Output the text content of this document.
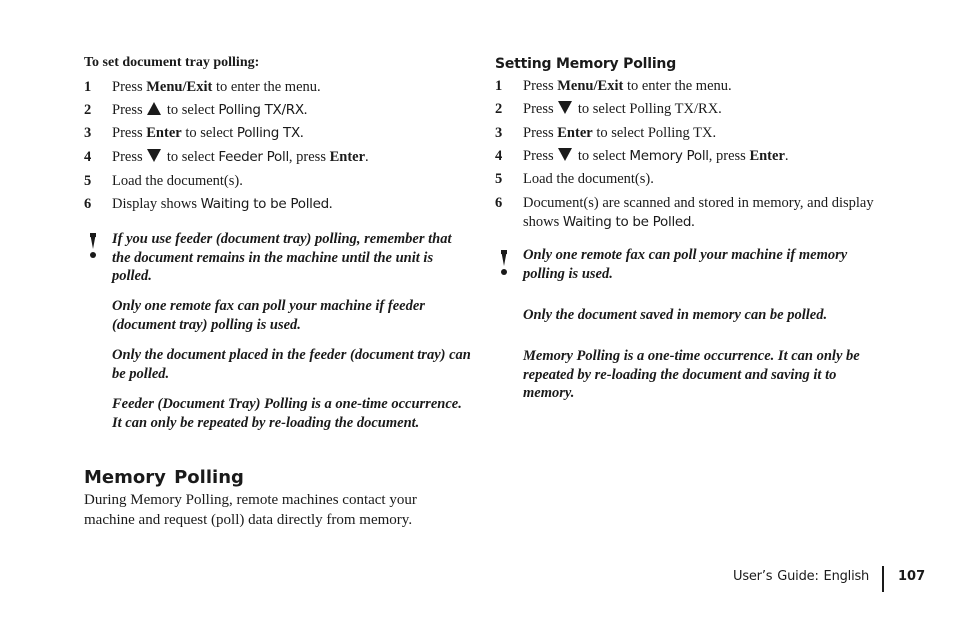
To set document tray polling:
1 Press Menu/Exit to enter the menu.
2 Press  to select Polling TX/RX.
3 Press Enter to select Polling TX.
4 Press  to select Feeder Poll, press Enter.
5 Load the document(s).
6 Display shows Waiting to be Polled.
If you use feeder (document tray) polling, remember that the document remains in the machine until the unit is polled.
Only one remote fax can poll your machine if feeder (document tray) polling is used.
Only the document placed in the feeder (document tray) can be polled.
Feeder (Document Tray) Polling is a one-time occurrence. It can only be repeated by re-loading the document.
Memory Polling
During Memory Polling, remote machines contact your machine and request (poll) data directly from memory.
Setting Memory Polling
1 Press Menu/Exit to enter the menu.
2 Press  to select Polling TX/RX.
3 Press Enter to select Polling TX.
4 Press  to select Memory Poll, press Enter.
5 Load the document(s).
6 Document(s) are scanned and stored in memory, and display shows Waiting to be Polled.
Only one remote fax can poll your machine if memory polling is used.
Only the document saved in memory can be polled.
Memory Polling is a one-time occurrence. It can only be repeated by re-loading the document and saving it to memory.
User’s Guide: English 107
